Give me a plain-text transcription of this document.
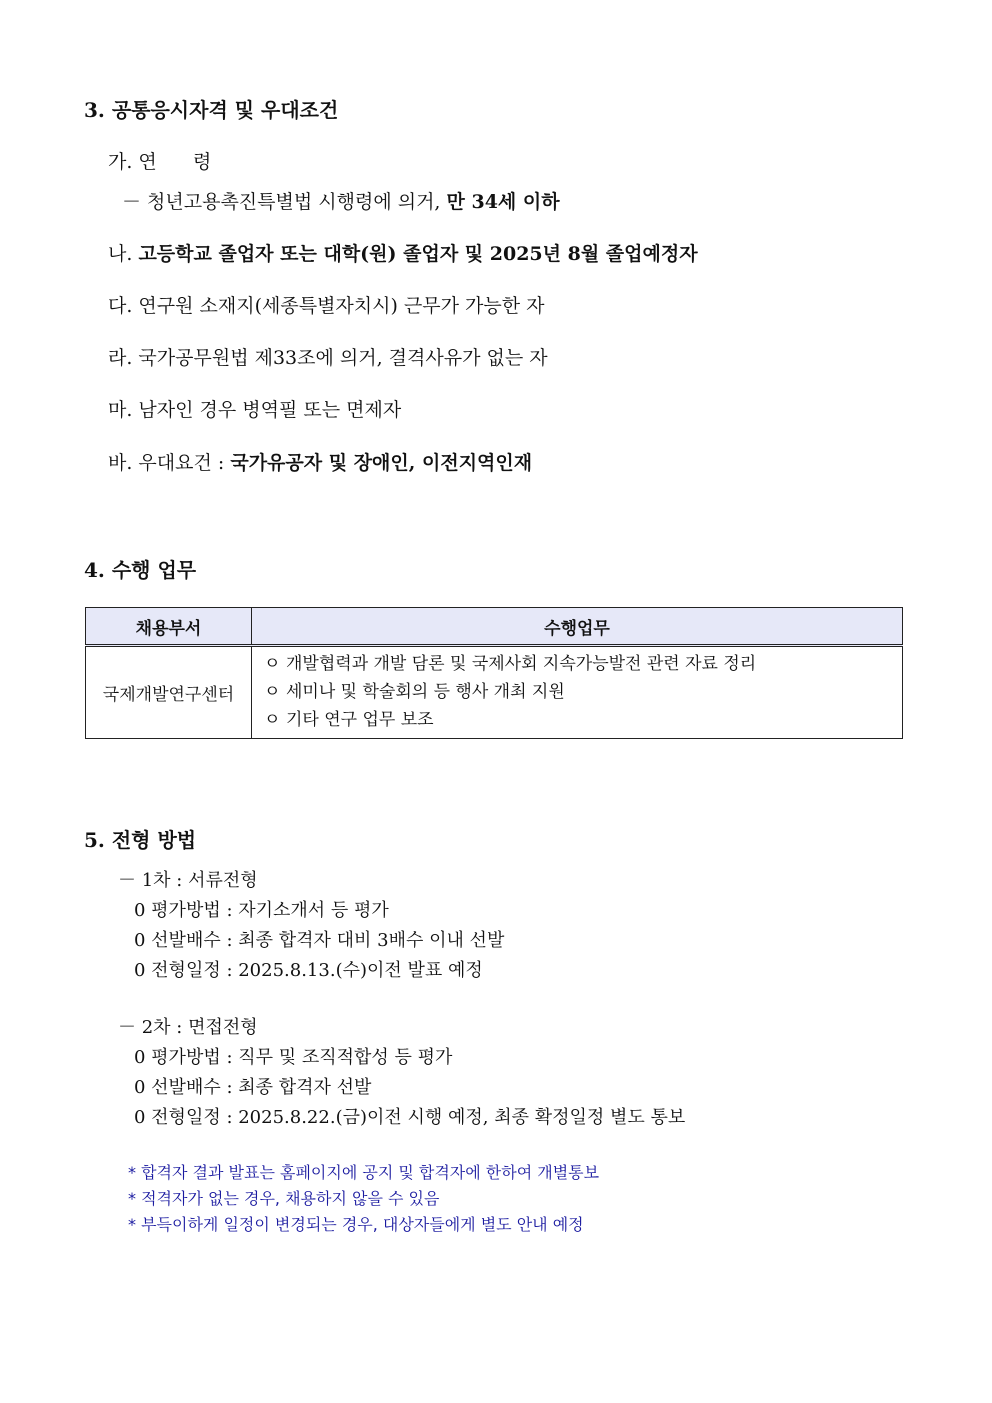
3. 공통응시자격 및 우대조건
가. 연      령
－ 청년고용촉진특별법 시행령에 의거, 만 34세 이하
나. 고등학교 졸업자 또는 대학(원) 졸업자 및 2025년 8월 졸업예정자
다. 연구원 소재지(세종특별자치시) 근무가 가능한 자
라. 국가공무원법 제33조에 의거, 결격사유가 없는 자
마. 남자인 경우 병역필 또는 면제자
바. 우대요건 : 국가유공자 및 장애인, 이전지역인재
4. 수행 업무
채용부서	수행업무
국제개발연구센터	ㅇ 개발협력과 개발 담론 및 국제사회 지속가능발전 관련 자료 정리
ㅇ 세미나 및 학술회의 등 행사 개최 지원
ㅇ 기타 연구 업무 보조
5. 전형 방법
－ 1차 : 서류전형
0 평가방법 : 자기소개서 등 평가
0 선발배수 : 최종 합격자 대비 3배수 이내 선발
0 전형일정 : 2025.8.13.(수)이전 발표 예정
－ 2차 : 면접전형
0 평가방법 : 직무 및 조직적합성 등 평가
0 선발배수 : 최종 합격자 선발
0 전형일정 : 2025.8.22.(금)이전 시행 예정, 최종 확정일정 별도 통보
* 합격자 결과 발표는 홈페이지에 공지 및 합격자에 한하여 개별통보
* 적격자가 없는 경우, 채용하지 않을 수 있음
* 부득이하게 일정이 변경되는 경우, 대상자들에게 별도 안내 예정
